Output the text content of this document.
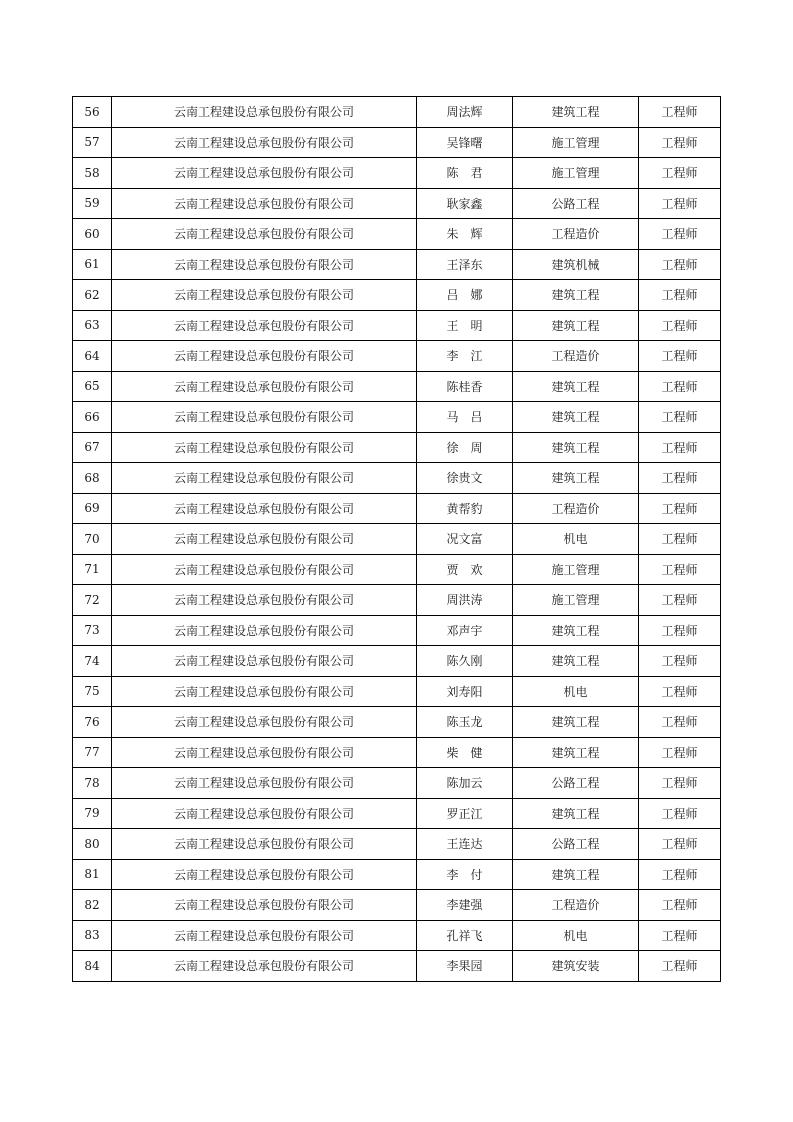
56	云南工程建设总承包股份有限公司	周法辉	建筑工程	工程师
57	云南工程建设总承包股份有限公司	吴锋曙	施工管理	工程师
58	云南工程建设总承包股份有限公司	陈　君	施工管理	工程师
59	云南工程建设总承包股份有限公司	耿家鑫	公路工程	工程师
60	云南工程建设总承包股份有限公司	朱　辉	工程造价	工程师
61	云南工程建设总承包股份有限公司	王泽东	建筑机械	工程师
62	云南工程建设总承包股份有限公司	吕　娜	建筑工程	工程师
63	云南工程建设总承包股份有限公司	王　明	建筑工程	工程师
64	云南工程建设总承包股份有限公司	李　江	工程造价	工程师
65	云南工程建设总承包股份有限公司	陈桂香	建筑工程	工程师
66	云南工程建设总承包股份有限公司	马　吕	建筑工程	工程师
67	云南工程建设总承包股份有限公司	徐　周	建筑工程	工程师
68	云南工程建设总承包股份有限公司	徐贵文	建筑工程	工程师
69	云南工程建设总承包股份有限公司	黄帮豹	工程造价	工程师
70	云南工程建设总承包股份有限公司	况文富	机电	工程师
71	云南工程建设总承包股份有限公司	贾　欢	施工管理	工程师
72	云南工程建设总承包股份有限公司	周洪涛	施工管理	工程师
73	云南工程建设总承包股份有限公司	邓声宇	建筑工程	工程师
74	云南工程建设总承包股份有限公司	陈久刚	建筑工程	工程师
75	云南工程建设总承包股份有限公司	刘寿阳	机电	工程师
76	云南工程建设总承包股份有限公司	陈玉龙	建筑工程	工程师
77	云南工程建设总承包股份有限公司	柴　健	建筑工程	工程师
78	云南工程建设总承包股份有限公司	陈加云	公路工程	工程师
79	云南工程建设总承包股份有限公司	罗正江	建筑工程	工程师
80	云南工程建设总承包股份有限公司	王连达	公路工程	工程师
81	云南工程建设总承包股份有限公司	李　付	建筑工程	工程师
82	云南工程建设总承包股份有限公司	李建强	工程造价	工程师
83	云南工程建设总承包股份有限公司	孔祥飞	机电	工程师
84	云南工程建设总承包股份有限公司	李果园	建筑安装	工程师
